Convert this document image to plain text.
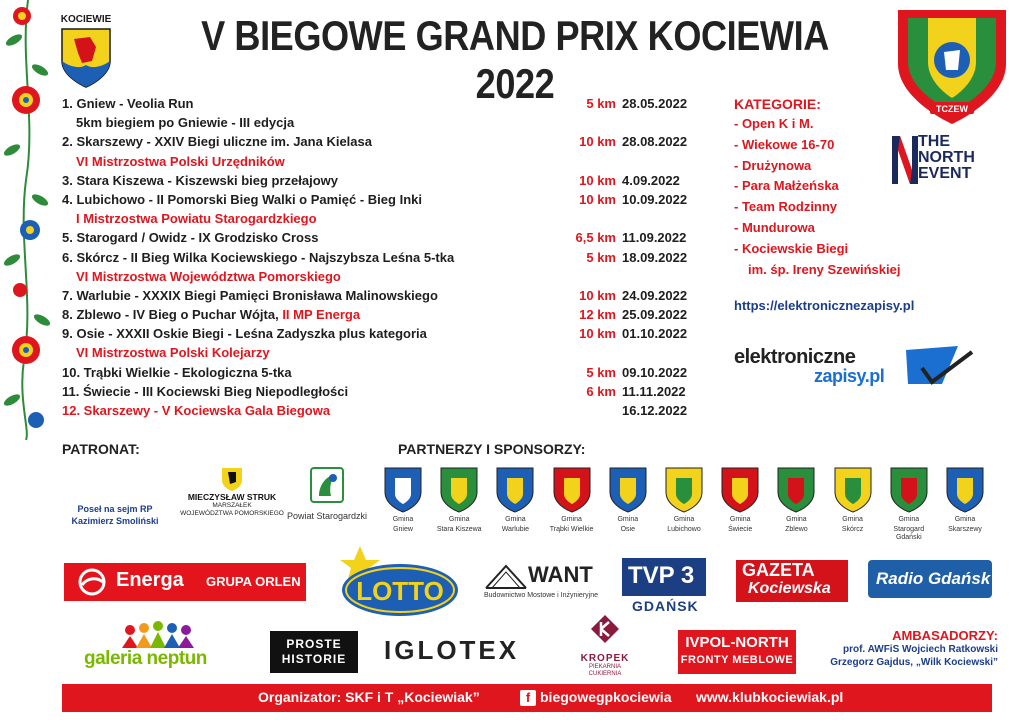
KOCIEWIE V BIEGOWE GRAND PRIX KOCIEWIA 2022
TCZEW
1. Gniew - Veolia Run	5 km 28.05.2022
5km biegiem po Gniewie - III edycja
2. Skarszewy - XXIV Biegi uliczne im. Jana Kielasa	10 km 28.08.2022
VI Mistrzostwa Polski Urzędników
3. Stara Kiszewa - Kiszewski bieg przełajowy	10 km 4.09.2022
4. Lubichowo - II Pomorski Bieg Walki o Pamięć - Bieg Inki	10 km 10.09.2022
I Mistrzostwa Powiatu Starogardzkiego
5. Starogard / Owidz - IX Grodzisko Cross	6,5 km 11.09.2022
6. Skórcz - II Bieg Wilka Kociewskiego - Najszybsza Leśna 5-tka	5 km 18.09.2022
VI Mistrzostwa Województwa Pomorskiego
7. Warlubie - XXXIX Biegi Pamięci Bronisława Malinowskiego	10 km 24.09.2022
8. Zblewo - IV Bieg o Puchar Wójta, II MP Energa	12 km 25.09.2022
9. Osie - XXXII Oskie Biegi - Leśna Zadyszka plus kategoria	10 km 01.10.2022
VI Mistrzostwa Polski Kolejarzy
10. Trąbki Wielkie - Ekologiczna 5-tka	5 km 09.10.2022
11. Świecie - III Kociewski Bieg Niepodległości	6 km 11.11.2022
12. Skarszewy - V Kociewska Gala Biegowa	16.12.2022
KATEGORIE:
- Open K i M.
- Wiekowe 16-70
- Drużynowa
- Para Małżeńska
- Team Rodzinny
- Mundurowa
- Kociewskie Biegi
im. śp. Ireny Szewińskiej
THE
NORTH
EVENT
https://elektronicznezapisy.pl
elektroniczne
zapisy.pl
PATRONAT:	PARTNERZY I SPONSORZY:
Poseł na sejm RP
Kazimierz Smoliński
MIECZYSŁAW STRUK
MARSZAŁEK
WOJEWÓDZTWA POMORSKIEGO Powiat Starogardzki	Gmina
Gniew
Gmina
Stara Kiszewa
Gmina
Warlubie
Gmina
Trąbki Wielkie
Gmina
Osie
Gmina
Lubichowo
Gmina
Świecie
Gmina
Zblewo
Gmina
Skórcz
Gmina
Starogard Gdański
Gmina
Skarszewy
Energa GRUPA ORLEN LOTTO
WANT
Budownictwo Mostowe i Inżynieryjne
TVP 3
GDAŃSK
GAZETA
Kociewska
Radio Gdańsk
galeria neptun
PROSTE
HISTORIE	IGLOTEX	KROPEK
PIEKARNIA
CUKIERNIA
IVPOL-NORTH
FRONTY MEBLOWE
AMBASADORZY:
prof. AWFiS Wojciech Ratkowski
Grzegorz Gajdus, „Wilk Kociewski”
Organizator: SKF i T „Kociewiak”	f biegowegpkociewia www.klubkociewiak.pl
